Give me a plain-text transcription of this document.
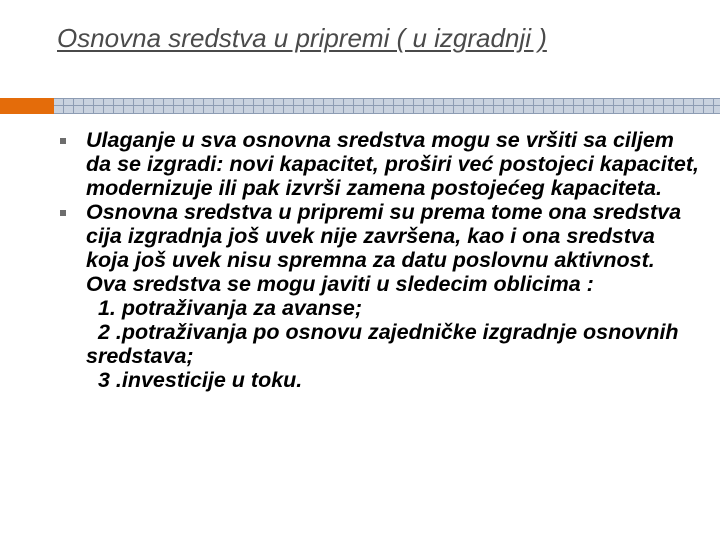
Osnovna sredstva u pripremi ( u izgradnji )
Ulaganje u sva osnovna sredstva mogu se vršiti sa ciljem da se izgradi: novi kapacitet, proširi već postojeci kapacitet, modernizuje ili pak izvrši zamena postojećeg kapaciteta.
Osnovna sredstva u pripremi su prema tome ona sredstva cija izgradnja još uvek nije završena, kao i ona sredstva koja još uvek nisu spremna za datu poslovnu aktivnost. Ova sredstva se mogu javiti u sledecim oblicima :
1. potraživanja za avanse;
2 .potraživanja po osnovu zajedničke izgradnje osnovnih sredstava;
3 .investicije u toku.
